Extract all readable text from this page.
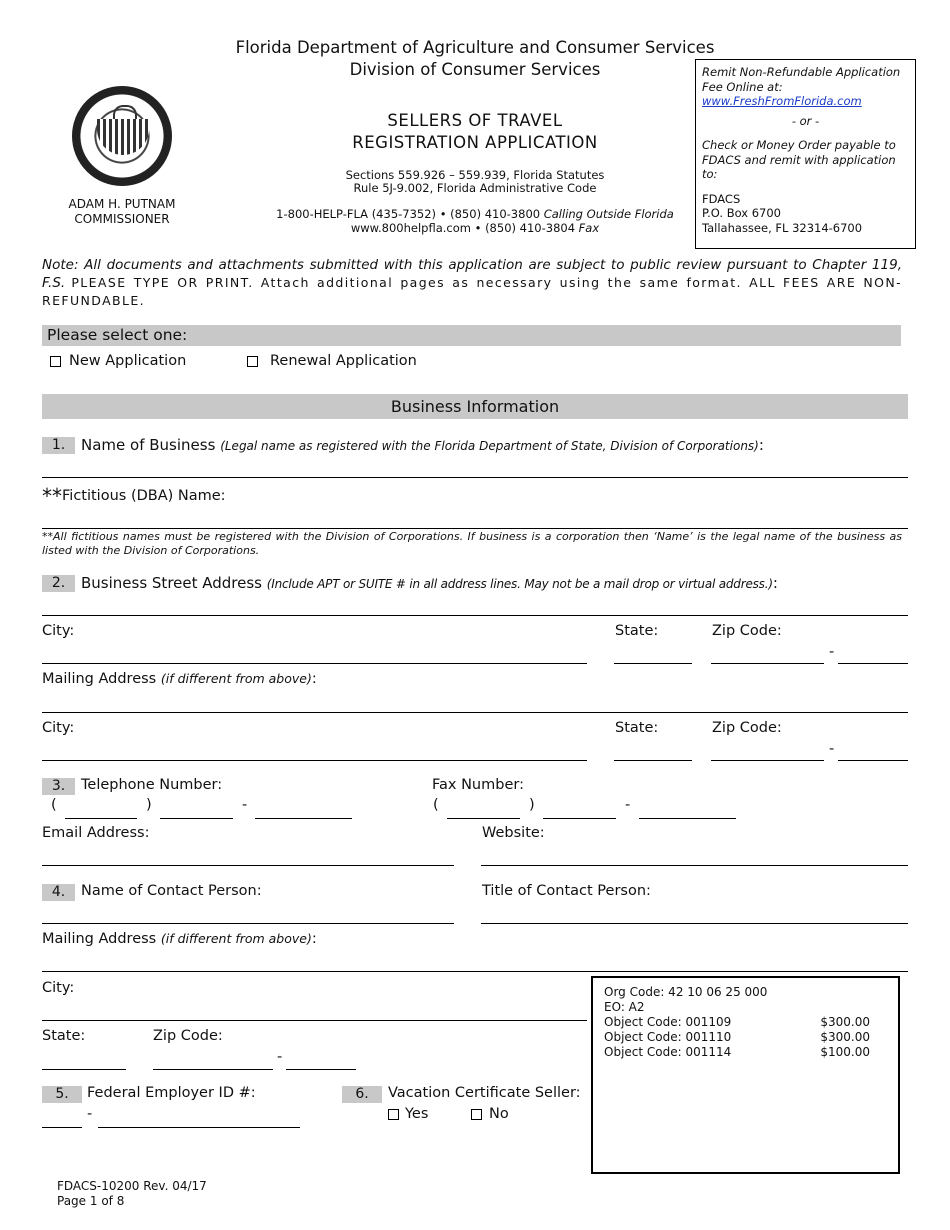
Florida Department of Agriculture and Consumer Services
Division of Consumer Services
SELLERS OF TRAVEL
REGISTRATION APPLICATION
Sections 559.926 – 559.939, Florida Statutes
Rule 5J-9.002, Florida Administrative Code
1-800-HELP-FLA (435-7352) • (850) 410-3800 Calling Outside Florida
www.800helpfla.com • (850) 410-3804 Fax
ADAM H. PUTNAM
COMMISSIONER
Remit Non-Refundable Application Fee Online at:
www.FreshFromFlorida.com
- or -
Check or Money Order payable to FDACS and remit with application to:
FDACS
P.O. Box 6700
Tallahassee, FL 32314-6700
Note: All documents and attachments submitted with this application are subject to public review pursuant to Chapter 119, F.S. PLEASE TYPE OR PRINT. Attach additional pages as necessary using the same format. ALL FEES ARE NON-REFUNDABLE.
Please select one:
New Application	Renewal Application
Business Information
1.	Name of Business (Legal name as registered with the Florida Department of State, Division of Corporations):
** Fictitious (DBA) Name:
**All fictitious names must be registered with the Division of Corporations. If business is a corporation then ‘Name’ is the legal name of the business as listed with the Division of Corporations.
2.	Business Street Address (Include APT or SUITE # in all address lines. May not be a mail drop or virtual address.):
City:	State:	Zip Code:
-
Mailing Address (if different from above):
City:	State:	Zip Code:
-
3.	Telephone Number:	Fax Number:
(	)	-	(	)	-
Email Address:	Website:
4.	Name of Contact Person:	Title of Contact Person:
Mailing Address (if different from above):
City:
State:	Zip Code:
-
5.	Federal Employer ID #:
-
6.	Vacation Certificate Seller:
Yes	No
Org Code: 42 10 06 25 000
EO: A2
Object Code: 001109	$300.00
Object Code: 001110	$300.00
Object Code: 001114	$100.00
FDACS-10200 Rev. 04/17
Page 1 of 8
